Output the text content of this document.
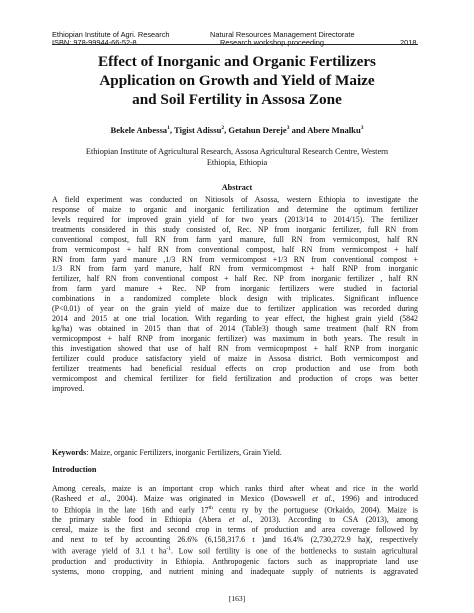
Ethiopian Institute of Agri. Research
ISBN: 978-99944-66-52-8
Natural Resources Management Directorate
Research workshop proceeding	2018
Effect of Inorganic and Organic Fertilizers
Application on Growth and Yield of Maize
and Soil Fertility in Assosa Zone
Bekele Anbessa$^1$, Tigist Adissu$^2$, Getahun Dereje$^3$ and Abere Mnalku$^3$
Ethiopian Institute of Agricultural Research, Assosa Agricultural Research Centre, Western
Ethiopia, Ethiopia
Abstract
A field experiment was conducted on Nitiosols of Asossa, western Ethiopia to investigate the
response of maize to organic and inorganic fertilization and determine the optimum fertilizer
levels required for improved grain yield of for two years (2013/14 to 2014/15). The fertilizer
treatments considered in this study consisted of, Rec. NP from inorganic fertilizer, full RN from
conventional compost, full RN from farm yard manure, full RN from vermicompost, half RN
from vermicompost + half RN from conventional compost, half RN from vermicompost + half
RN from farm yard manure ,1/3 RN from vermicompost +1/3 RN from conventional compost +
1/3 RN from farm yard manure, half RN from vermicompmost + half RNP from inorganic
fertilizer, half RN from conventional compost + half Rec. NP from inorganic fertilizer , half RN
from farm yard manure + Rec. NP from inorganic fertilizers were studied in factorial
combinations in a randomized complete block design with triplicates. Significant influence
(P<0.01) of year on the grain yield of maize due to fertilizer application was recorded during
2014 and 2015 at one trial location. With regarding to year effect, the highest grain yield (5842
kg/ha) was obtained in 2015 than that of 2014 (Table3) though same treatment (half RN from
vermicopmpost + half RNP from inorganic fertilizer) was maximum in both years. The result in
this investigation showed that use of half RN from vermicopmpost + half RNP from inorganic
fertilizer could produce satisfactory yield of maize in Assosa district. Both vermicompost and
fertilizer treatments had beneficial residual effects on crop production and use from both
vermicompost and chemical fertilizer for field fertilization and production of crops was better
improved.
Keywords: Maize, organic Fertilizers, inorganic Fertilizers, Grain Yield.
Introduction
Among cereals, maize is an important crop which ranks third after wheat and rice in the world
(Rasheed et al., 2004). Maize was originated in Mexico (Dowswell et al., 1996) and introduced
to Ethiopia in the late 16th and early 17th centu ry by the portuguese (Orkaido, 2004). Maize is
the primary stable food in Ethiopia (Abera et al., 2013). According to CSA (2013), among
cereal, maize is the first and second crop in terms of production and area coverage followed by
and next to tef by accounting 26.6% (6,158,317.6 t )and 16.4% (2,730,272.9 ha)(, respectively
with average yield of 3.1 t $ha^{-1}$. Low soil fertility is one of the bottlenecks to sustain agricultural
production and productivity in Ethiopia. Anthropogenic factors such as inappropriate land use
systems, mono cropping, and nutrient mining and inadequate supply of nutrients is aggravated
[163]
